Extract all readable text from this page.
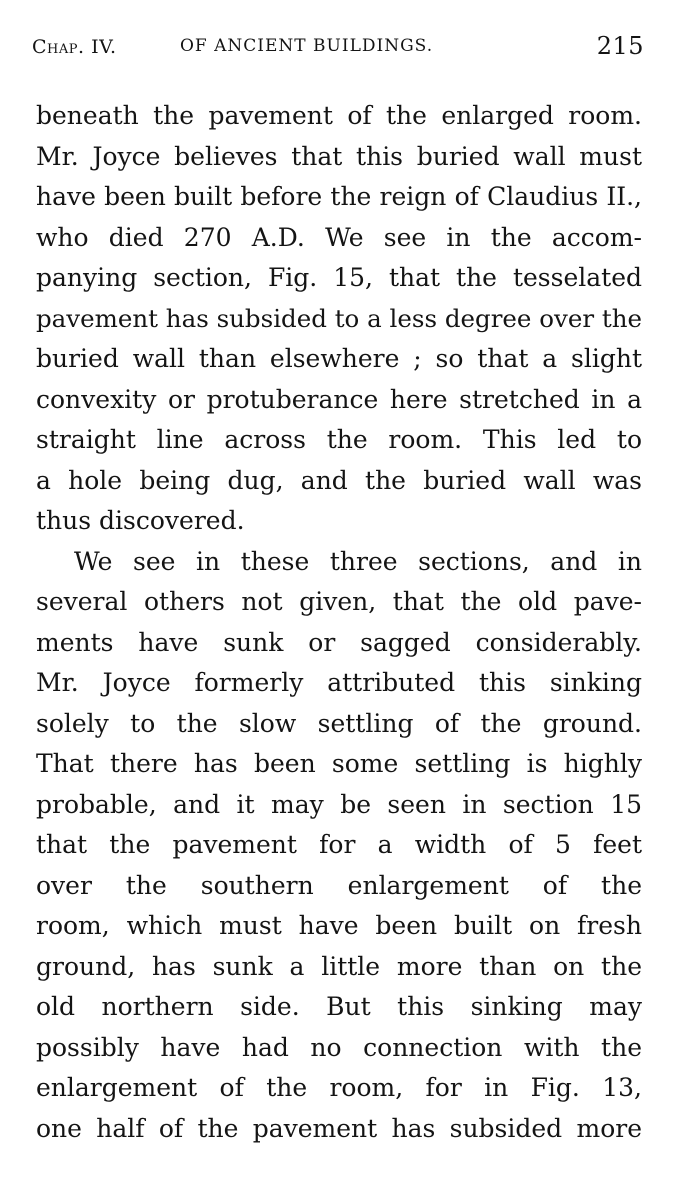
Chap. IV.	OF ANCIENT BUILDINGS.	215
beneath the pavement of the enlarged room.
Mr. Joyce believes that this buried wall must
have been built before the reign of Claudius II.,
who died 270 A.D. We see in the accom-
panying section, Fig. 15, that the tesselated
pavement has subsided to a less degree over the
buried wall than elsewhere ; so that a slight
convexity or protuberance here stretched in a
straight line across the room. This led to
a hole being dug, and the buried wall was
thus discovered.
We see in these three sections, and in
several others not given, that the old pave-
ments have sunk or sagged considerably.
Mr. Joyce formerly attributed this sinking
solely to the slow settling of the ground.
That there has been some settling is highly
probable, and it may be seen in section 15
that the pavement for a width of 5 feet
over the southern enlargement of the
room, which must have been built on fresh
ground, has sunk a little more than on the
old northern side. But this sinking may
possibly have had no connection with the
enlargement of the room, for in Fig. 13,
one half of the pavement has subsided more
